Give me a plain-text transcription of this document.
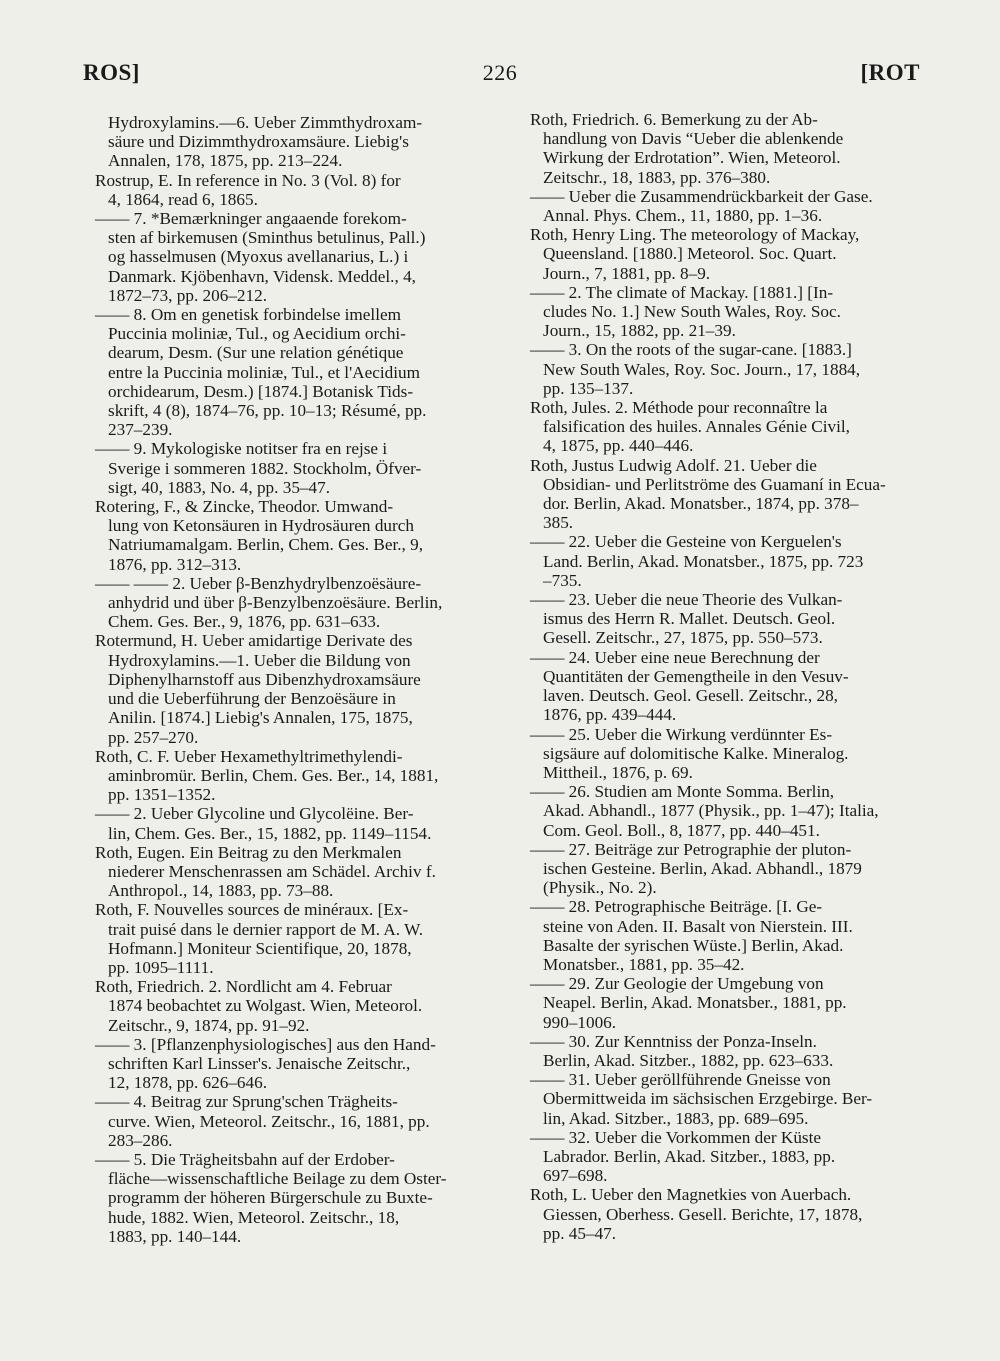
ROS]	226	[ROT
Hydroxylamins.—6. Ueber Zimmthydroxam-
säure und Dizimmthydroxamsäure. Liebig's
Annalen, 178, 1875, pp. 213–224.
Rostrup, E. In reference in No. 3 (Vol. 8) for
4, 1864, read 6, 1865.
—— 7. *Bemærkninger angaaende forekom-
sten af birkemusen (Sminthus betulinus, Pall.)
og hasselmusen (Myoxus avellanarius, L.) i
Danmark. Kjöbenhavn, Vidensk. Meddel., 4,
1872–73, pp. 206–212.
—— 8. Om en genetisk forbindelse imellem
Puccinia moliniæ, Tul., og Aecidium orchi-
dearum, Desm. (Sur une relation génétique
entre la Puccinia moliniæ, Tul., et l'Aecidium
orchidearum, Desm.) [1874.] Botanisk Tids-
skrift, 4 (8), 1874–76, pp. 10–13; Résumé, pp.
237–239.
—— 9. Mykologiske notitser fra en rejse i
Sverige i sommeren 1882. Stockholm, Öfver-
sigt, 40, 1883, No. 4, pp. 35–47.
Rotering, F., & Zincke, Theodor. Umwand-
lung von Ketonsäuren in Hydrosäuren durch
Natriumamalgam. Berlin, Chem. Ges. Ber., 9,
1876, pp. 312–313.
—— —— 2. Ueber β-Benzhydrylbenzoësäure-
anhydrid und über β-Benzylbenzoësäure. Berlin,
Chem. Ges. Ber., 9, 1876, pp. 631–633.
Rotermund, H. Ueber amidartige Derivate des
Hydroxylamins.—1. Ueber die Bildung von
Diphenylharnstoff aus Dibenzhydroxamsäure
und die Ueberführung der Benzoësäure in
Anilin. [1874.] Liebig's Annalen, 175, 1875,
pp. 257–270.
Roth, C. F. Ueber Hexamethyltrimethylendi-
aminbromür. Berlin, Chem. Ges. Ber., 14, 1881,
pp. 1351–1352.
—— 2. Ueber Glycoline und Glycolëine. Ber-
lin, Chem. Ges. Ber., 15, 1882, pp. 1149–1154.
Roth, Eugen. Ein Beitrag zu den Merkmalen
niederer Menschenrassen am Schädel. Archiv f.
Anthropol., 14, 1883, pp. 73–88.
Roth, F. Nouvelles sources de minéraux. [Ex-
trait puisé dans le dernier rapport de M. A. W.
Hofmann.] Moniteur Scientifique, 20, 1878,
pp. 1095–1111.
Roth, Friedrich. 2. Nordlicht am 4. Februar
1874 beobachtet zu Wolgast. Wien, Meteorol.
Zeitschr., 9, 1874, pp. 91–92.
—— 3. [Pflanzenphysiologisches] aus den Hand-
schriften Karl Linsser's. Jenaische Zeitschr.,
12, 1878, pp. 626–646.
—— 4. Beitrag zur Sprung'schen Trägheits-
curve. Wien, Meteorol. Zeitschr., 16, 1881, pp.
283–286.
—— 5. Die Trägheitsbahn auf der Erdober-
fläche—wissenschaftliche Beilage zu dem Oster-
programm der höheren Bürgerschule zu Buxte-
hude, 1882. Wien, Meteorol. Zeitschr., 18,
1883, pp. 140–144.
Roth, Friedrich. 6. Bemerkung zu der Ab-
handlung von Davis “Ueber die ablenkende
Wirkung der Erdrotation”. Wien, Meteorol.
Zeitschr., 18, 1883, pp. 376–380.
—— Ueber die Zusammendrückbarkeit der Gase.
Annal. Phys. Chem., 11, 1880, pp. 1–36.
Roth, Henry Ling. The meteorology of Mackay,
Queensland. [1880.] Meteorol. Soc. Quart.
Journ., 7, 1881, pp. 8–9.
—— 2. The climate of Mackay. [1881.] [In-
cludes No. 1.] New South Wales, Roy. Soc.
Journ., 15, 1882, pp. 21–39.
—— 3. On the roots of the sugar-cane. [1883.]
New South Wales, Roy. Soc. Journ., 17, 1884,
pp. 135–137.
Roth, Jules. 2. Méthode pour reconnaître la
falsification des huiles. Annales Génie Civil,
4, 1875, pp. 440–446.
Roth, Justus Ludwig Adolf. 21. Ueber die
Obsidian- und Perlitströme des Guamaní in Ecua-
dor. Berlin, Akad. Monatsber., 1874, pp. 378–
385.
—— 22. Ueber die Gesteine von Kerguelen's
Land. Berlin, Akad. Monatsber., 1875, pp. 723
–735.
—— 23. Ueber die neue Theorie des Vulkan-
ismus des Herrn R. Mallet. Deutsch. Geol.
Gesell. Zeitschr., 27, 1875, pp. 550–573.
—— 24. Ueber eine neue Berechnung der
Quantitäten der Gemengtheile in den Vesuv-
laven. Deutsch. Geol. Gesell. Zeitschr., 28,
1876, pp. 439–444.
—— 25. Ueber die Wirkung verdünnter Es-
sigsäure auf dolomitische Kalke. Mineralog.
Mittheil., 1876, p. 69.
—— 26. Studien am Monte Somma. Berlin,
Akad. Abhandl., 1877 (Physik., pp. 1–47); Italia,
Com. Geol. Boll., 8, 1877, pp. 440–451.
—— 27. Beiträge zur Petrographie der pluton-
ischen Gesteine. Berlin, Akad. Abhandl., 1879
(Physik., No. 2).
—— 28. Petrographische Beiträge. [I. Ge-
steine von Aden. II. Basalt von Nierstein. III.
Basalte der syrischen Wüste.] Berlin, Akad.
Monatsber., 1881, pp. 35–42.
—— 29. Zur Geologie der Umgebung von
Neapel. Berlin, Akad. Monatsber., 1881, pp.
990–1006.
—— 30. Zur Kenntniss der Ponza-Inseln.
Berlin, Akad. Sitzber., 1882, pp. 623–633.
—— 31. Ueber geröllführende Gneisse von
Obermittweida im sächsischen Erzgebirge. Ber-
lin, Akad. Sitzber., 1883, pp. 689–695.
—— 32. Ueber die Vorkommen der Küste
Labrador. Berlin, Akad. Sitzber., 1883, pp.
697–698.
Roth, L. Ueber den Magnetkies von Auerbach.
Giessen, Oberhess. Gesell. Berichte, 17, 1878,
pp. 45–47.
